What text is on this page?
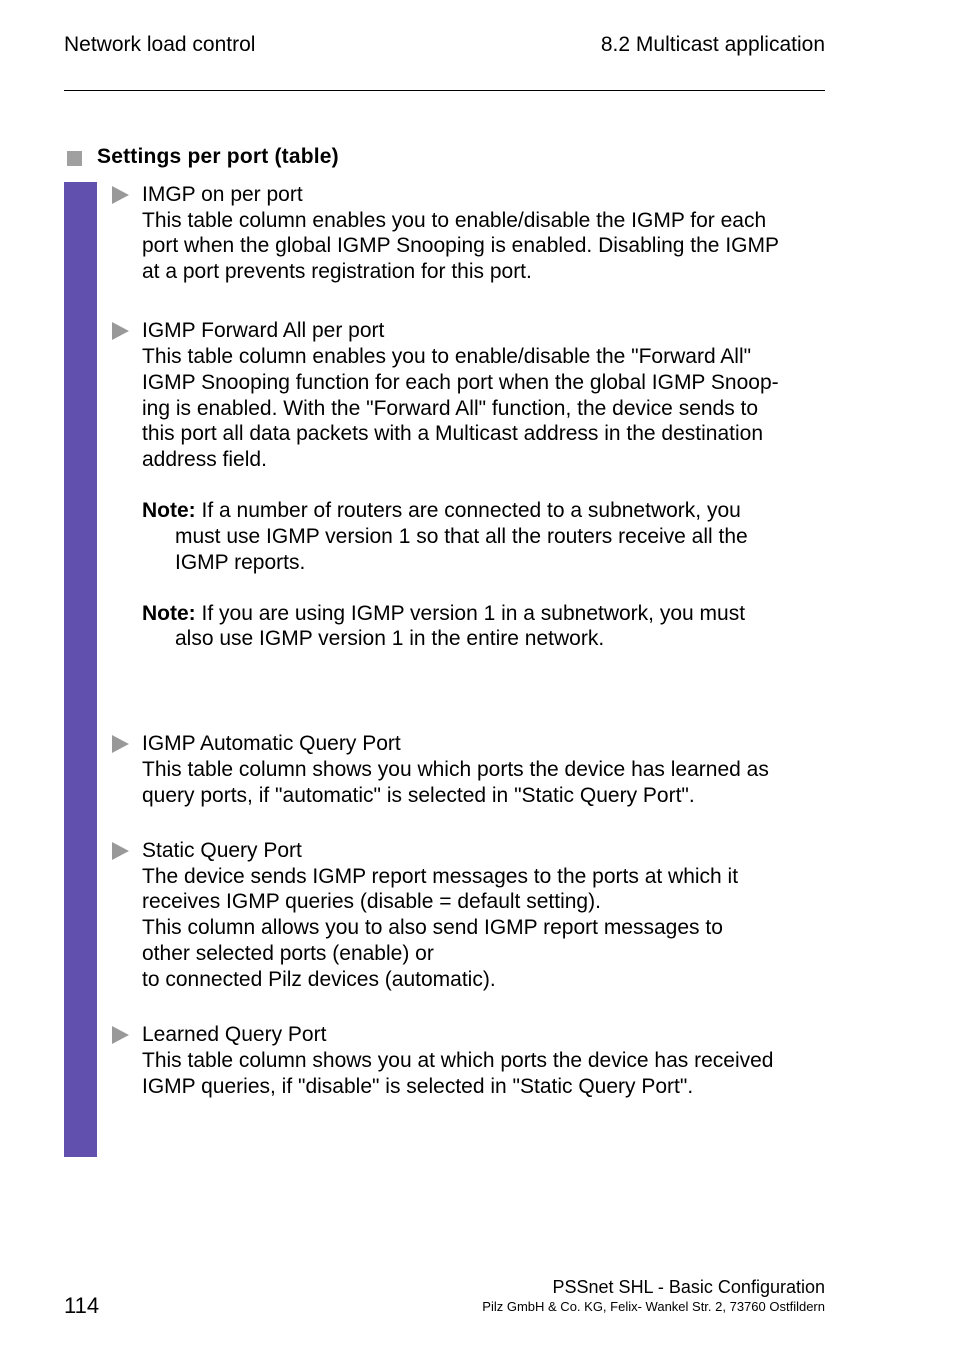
Network load control	8.2 Multicast application
Settings per port (table)
IMGP on per port
This table column enables you to enable/disable the IGMP for each
port when the global IGMP Snooping is enabled. Disabling the IGMP
at a port prevents registration for this port.
IGMP Forward All per port
This table column enables you to enable/disable the "Forward All"
IGMP Snooping function for each port when the global IGMP Snoop-
ing is enabled. With the "Forward All" function, the device sends to
this port all data packets with a Multicast address in the destination
address field.
Note: If a number of routers are connected to a subnetwork, you
must use IGMP version 1 so that all the routers receive all the
IGMP reports.
Note: If you are using IGMP version 1 in a subnetwork, you must
also use IGMP version 1 in the entire network.
IGMP Automatic Query Port
This table column shows you which ports the device has learned as
query ports, if "automatic" is selected in "Static Query Port".
Static Query Port
The device sends IGMP report messages to the ports at which it
receives IGMP queries (disable = default setting).
This column allows you to also send IGMP report messages to
other selected ports (enable) or
to connected Pilz devices (automatic).
Learned Query Port
This table column shows you at which ports the device has received
IGMP queries, if "disable" is selected in "Static Query Port".
114
PSSnet SHL - Basic Configuration
Pilz GmbH & Co. KG, Felix- Wankel Str. 2, 73760 Ostfildern
